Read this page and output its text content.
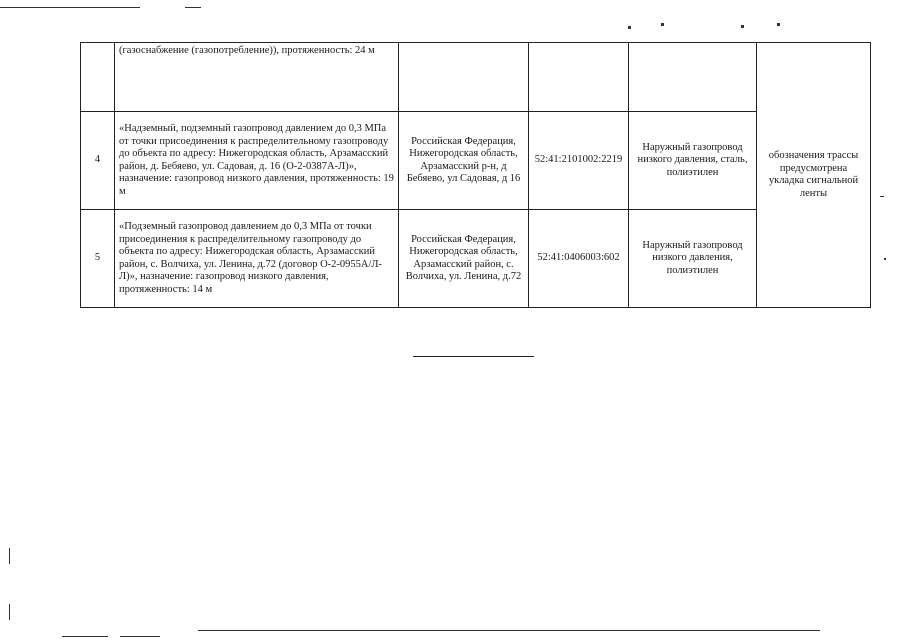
	(газоснабжение (газопотребление)), протяженность: 24 м				обозначения трассы предусмотрена укладка сигнальной ленты
4	«Надземный, подземный газопровод давлением до 0,3 МПа от точки присоединения к распределительному газопроводу до объекта по адресу: Нижегородская область, Арзамасский район, д. Бебяево, ул. Садовая, д. 16 (О-2-0387А-Л)», назначение: газопровод низкого давления, протяженность: 19 м	Российская Федерация, Нижегородская область, Арзамасский р-н, д Бебяево, ул Садовая, д 16	52:41:2101002:2219	Наружный газопровод низкого давления, сталь, полиэтилен	
5	«Подземный газопровод давлением до 0,3 МПа от точки присоединения к распределительному газопроводу до объекта по адресу: Нижегородская область, Арзамасский район, с. Волчиха, ул. Ленина, д.72 (договор О-2-0955А/Л-Л)», назначение: газопровод низкого давления, протяженность: 14 м	Российская Федерация, Нижегородская область, Арзамасский район, с. Волчиха, ул. Ленина, д.72	52:41:0406003:602	Наружный газопровод низкого давления, полиэтилен	
